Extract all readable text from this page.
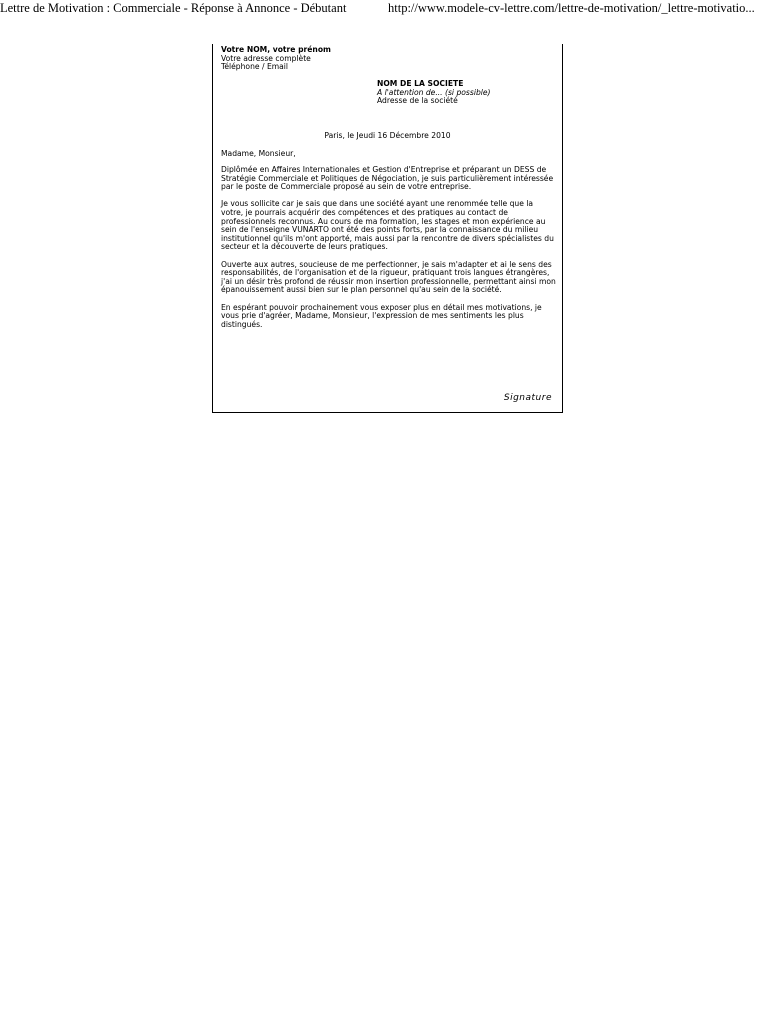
Lettre de Motivation : Commerciale - Réponse à Annonce - Débutant	http://www.modele-cv-lettre.com/lettre-de-motivation/_lettre-motivatio...
Votre NOM, votre prénom
Votre adresse complète
Téléphone / Email
NOM DE LA SOCIETE
A l'attention de... (si possible)
Adresse de la société
Paris, le Jeudi 16 Décembre 2010
Madame, Monsieur,

Diplômée en Affaires Internationales et Gestion d'Entreprise et préparant un DESS de Stratégie Commerciale et Politiques de Négociation, je suis particulièrement intéressée par le poste de Commerciale proposé au sein de votre entreprise.

Je vous sollicite car je sais que dans une société ayant une renommée telle que la votre, je pourrais acquérir des compétences et des pratiques au contact de professionnels reconnus. Au cours de ma formation, les stages et mon expérience au sein de l'enseigne VUNARTO ont été des points forts, par la connaissance du milieu institutionnel qu'ils m'ont apporté, mais aussi par la rencontre de divers spécialistes du secteur et la découverte de leurs pratiques.

Ouverte aux autres, soucieuse de me perfectionner, je sais m'adapter et ai le sens des responsabilités, de l'organisation et de la rigueur, pratiquant trois langues étrangères, j'ai un désir très profond de réussir mon insertion professionnelle, permettant ainsi mon épanouissement aussi bien sur le plan personnel qu'au sein de la société.

En espérant pouvoir prochainement vous exposer plus en détail mes motivations, je vous prie d'agréer, Madame, Monsieur, l'expression de mes sentiments les plus distingués.

Signature
